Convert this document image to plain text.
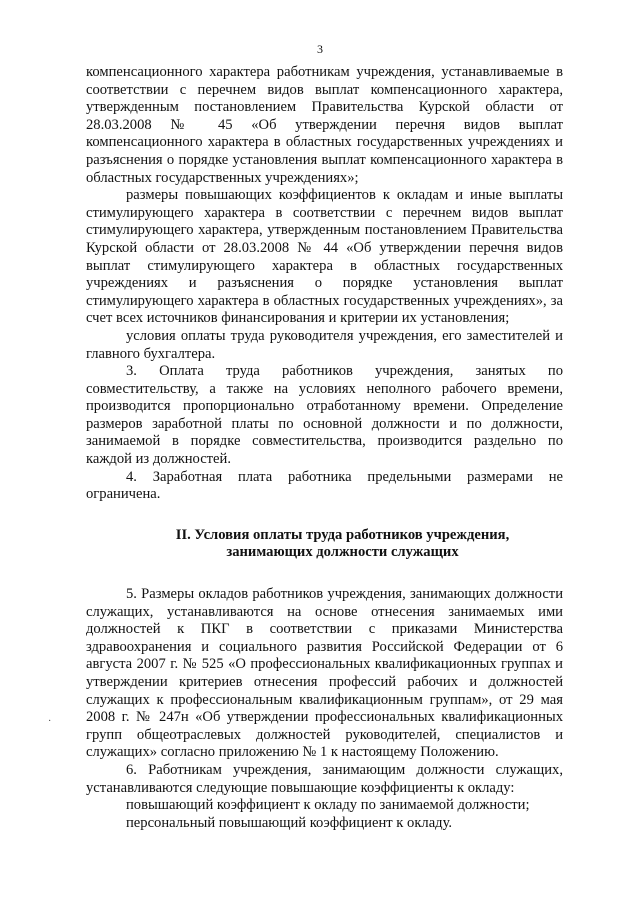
3
·

компенсационного характера работникам учреждения, устанавливаемые в соответствии с перечнем видов выплат компенсационного характера, утвержденным постановлением Правительства Курской области от 28.03.2008 № 45 «Об утверждении перечня видов выплат компенсационного характера в областных государственных учреждениях и разъяснения о порядке установления выплат компенсационного характера в областных государственных учреждениях»;

размеры повышающих коэффициентов к окладам и иные выплаты стимулирующего характера в соответствии с перечнем видов выплат стимулирующего характера, утвержденным постановлением Правительства Курской области от 28.03.2008 № 44 «Об утверждении перечня видов выплат стимулирующего характера в областных государственных учреждениях и разъяснения о порядке установления выплат стимулирующего характера в областных государственных учреждениях», за счет всех источников финансирования и критерии их установления;

условия оплаты труда руководителя учреждения, его заместителей и главного бухгалтера.

3. Оплата труда работников учреждения, занятых по совместительству, а также на условиях неполного рабочего времени, производится пропорционально отработанному времени. Определение размеров заработной платы по основной должности и по должности, занимаемой в порядке совместительства, производится раздельно по каждой из должностей.

4. Заработная плата работника предельными размерами не ограничена.

II. Условия оплаты труда работников учреждения,
занимающих должности служащих

5. Размеры окладов работников учреждения, занимающих должности служащих, устанавливаются на основе отнесения занимаемых ими должностей к ПКГ в соответствии с приказами Министерства здравоохранения и социального развития Российской Федерации от 6 августа 2007 г. № 525 «О профессиональных квалификационных группах и утверждении критериев отнесения профессий рабочих и должностей служащих к профессиональным квалификационным группам», от 29 мая 2008 г. № 247н «Об утверждении профессиональных квалификационных групп общеотраслевых должностей руководителей, специалистов и служащих» согласно приложению № 1 к настоящему Положению.

6. Работникам учреждения, занимающим должности служащих, устанавливаются следующие повышающие коэффициенты к окладу:

повышающий коэффициент к окладу по занимаемой должности;

персональный повышающий коэффициент к окладу.
